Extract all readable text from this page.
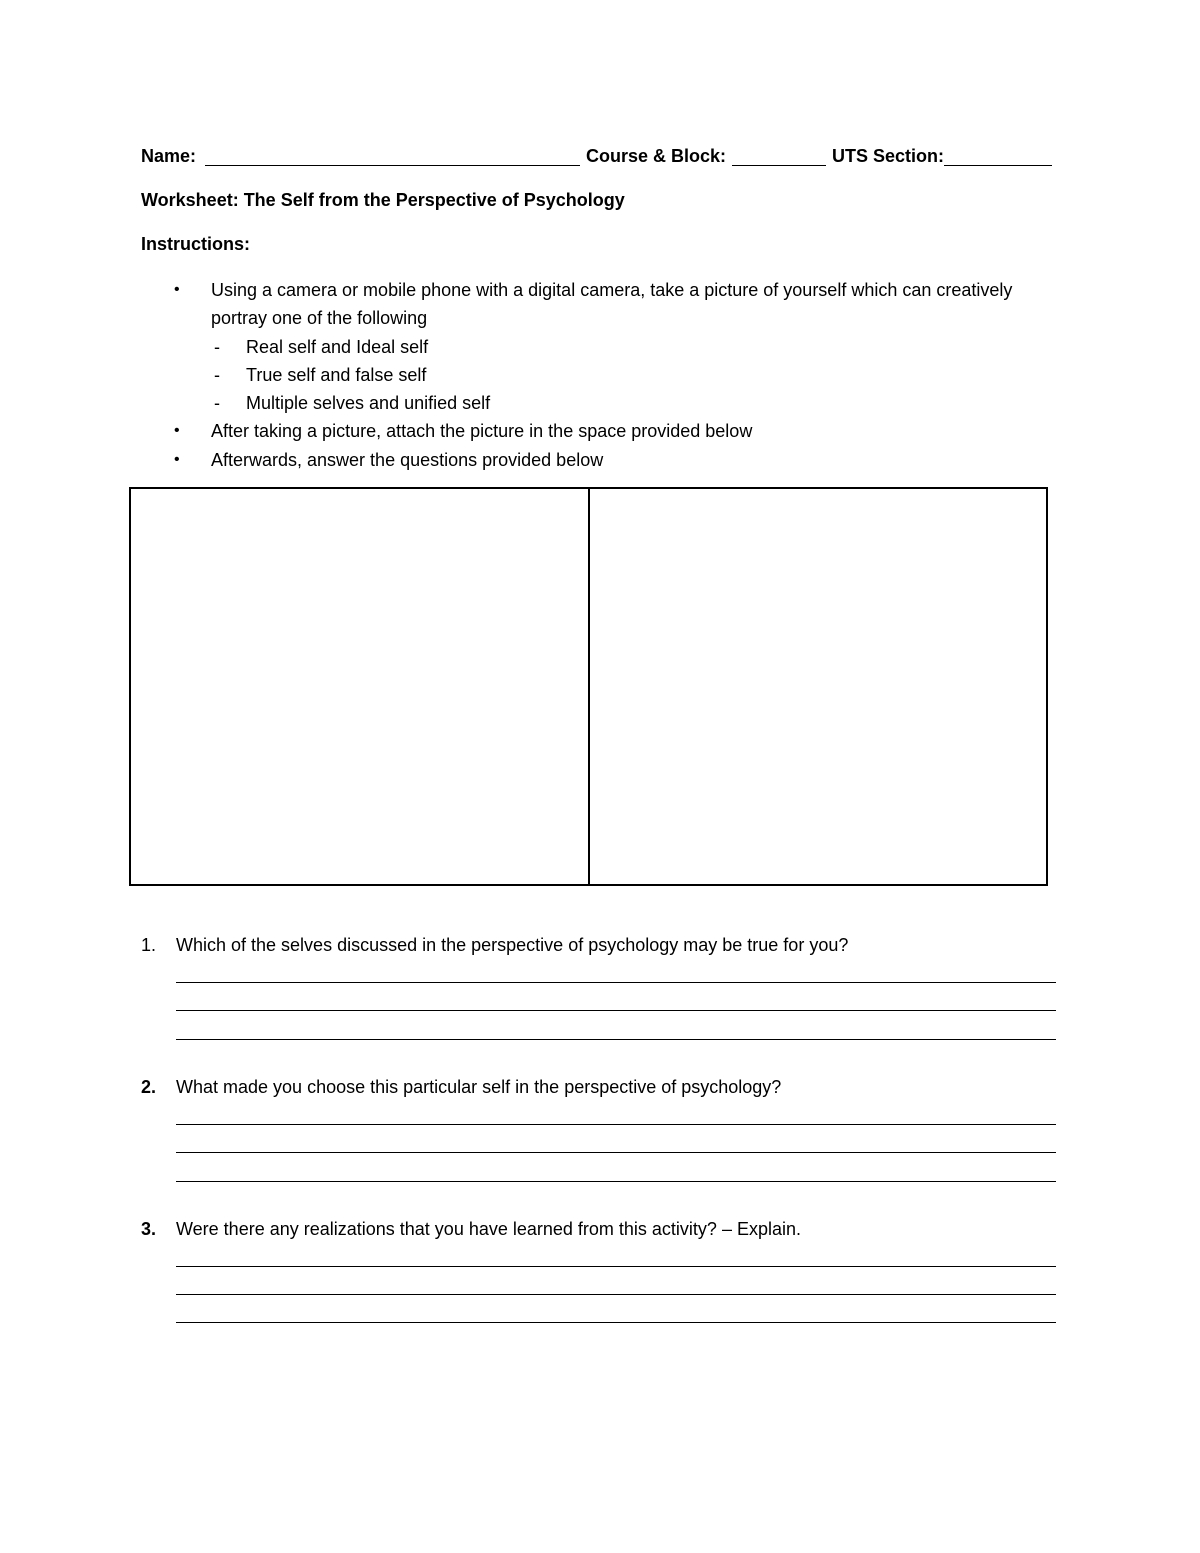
Name:	Course & Block:	UTS Section:
Worksheet: The Self from the Perspective of Psychology
Instructions:
• Using a camera or mobile phone with a digital camera, take a picture of yourself which can creatively portray one of the following
- Real self and Ideal self
- True self and false self
- Multiple selves and unified self
• After taking a picture, attach the picture in the space provided below
• Afterwards, answer the questions provided below
1. Which of the selves discussed in the perspective of psychology may be true for you?
2. What made you choose this particular self in the perspective of psychology?
3. Were there any realizations that you have learned from this activity? – Explain.
